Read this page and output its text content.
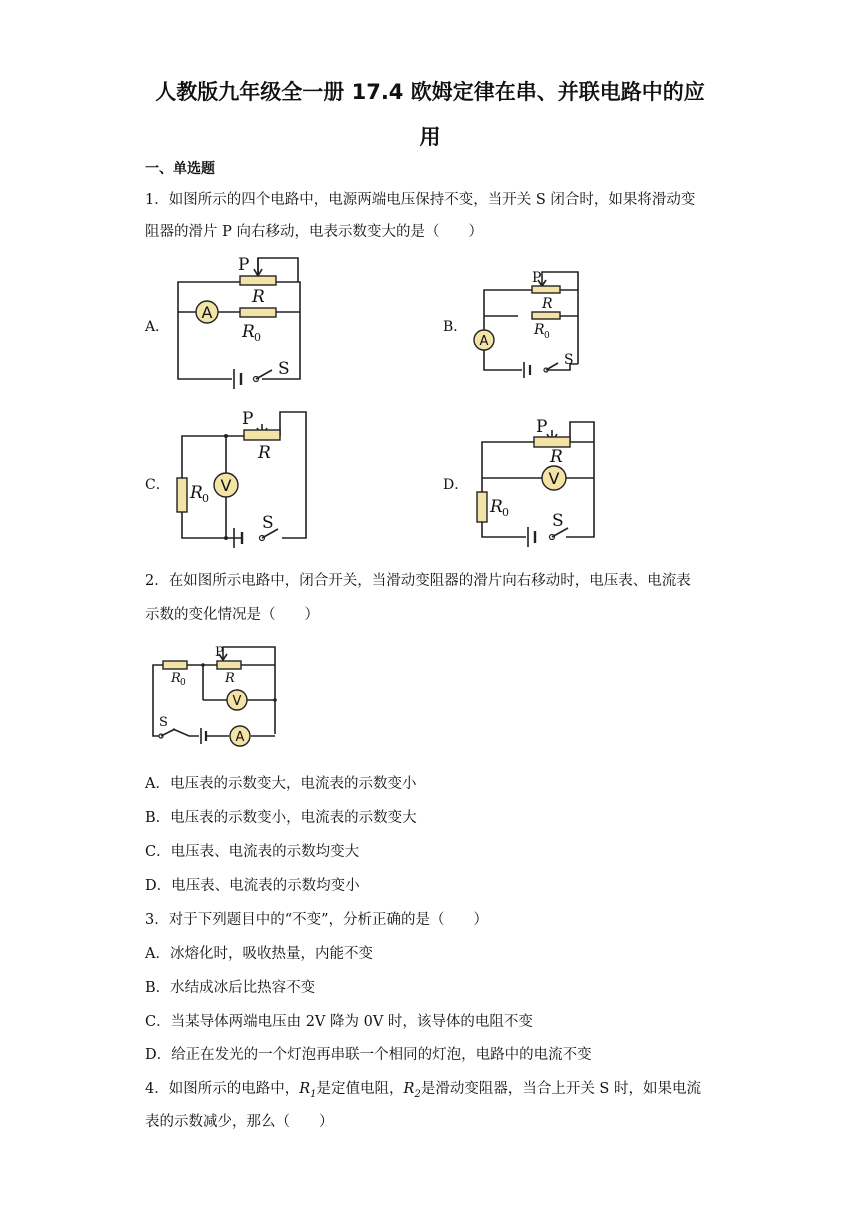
人教版九年级全一册 17.4 欧姆定律在串、并联电路中的应
用
一、单选题
1．如图所示的四个电路中，电源两端电压保持不变，当开关 S 闭合时，如果将滑动变
阻器的滑片 P 向右移动，电表示数变大的是（　　）
A．	B．
C．	D．
A
P
R
R 0
S
A
P
R
R 0
S
V
P
R
R 0
S
V
P
R
R 0	S
2．在如图所示电路中，闭合开关，当滑动变阻器的滑片向右移动时，电压表、电流表
示数的变化情况是（　　）
V
A
P
R
R 0
S
A．电压表的示数变大，电流表的示数变小
B．电压表的示数变小，电流表的示数变大
C．电压表、电流表的示数均变大
D．电压表、电流表的示数均变小
3．对于下列题目中的“不变”，分析正确的是（　　）
A．冰熔化时，吸收热量，内能不变
B．水结成冰后比热容不变
C．当某导体两端电压由 2V 降为 0V 时，该导体的电阻不变
D．给正在发光的一个灯泡再串联一个相同的灯泡，电路中的电流不变
4．如图所示的电路中，$R_1$是定值电阻，$R_2$是滑动变阻器，当合上开关 S 时，如果电流
表的示数减少，那么（　　）
